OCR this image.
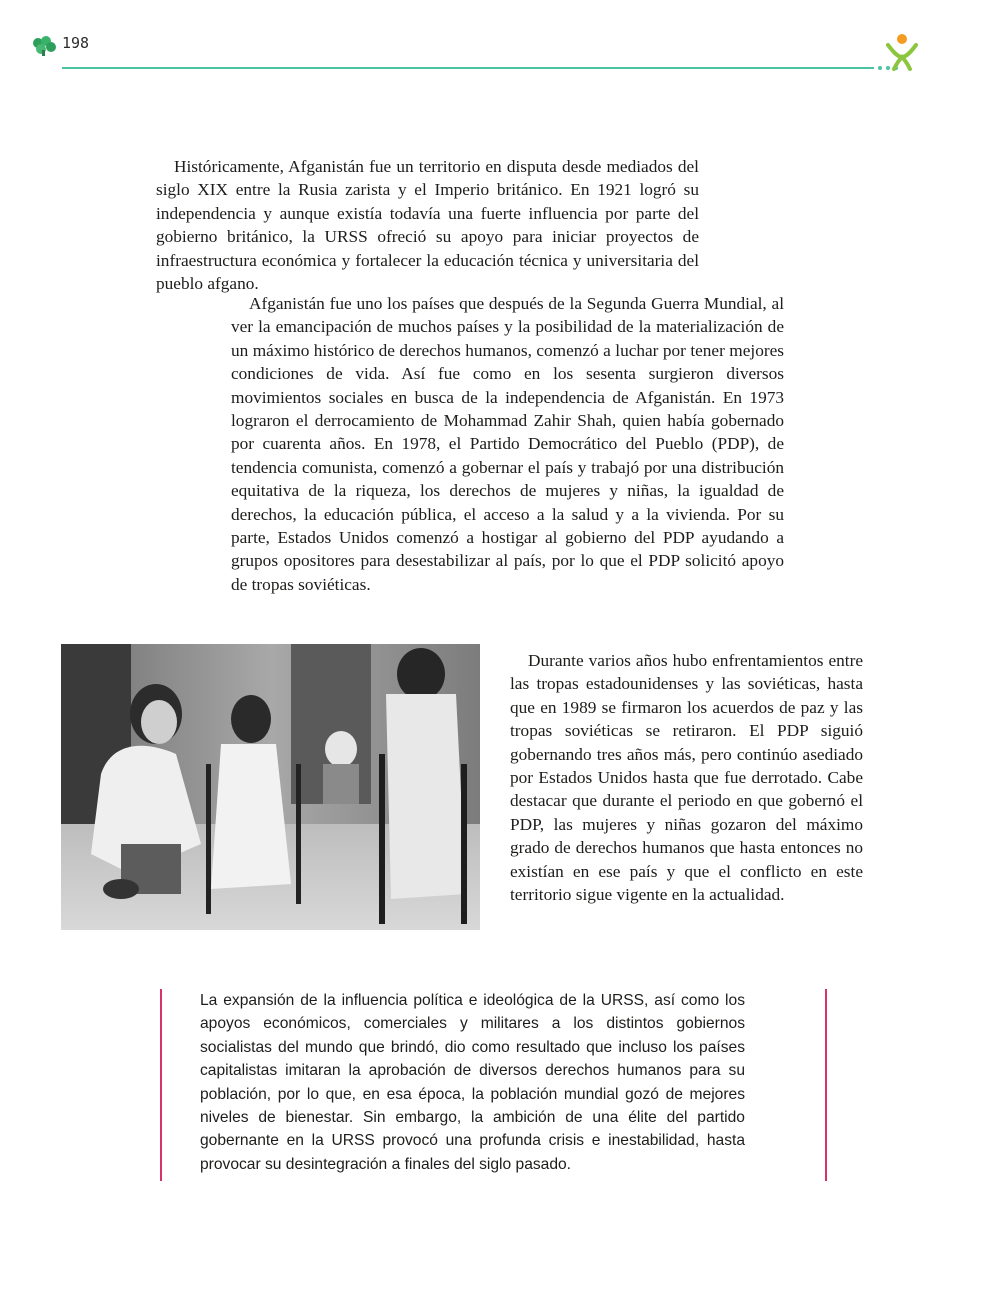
198

Históricamente, Afganistán fue un territorio en disputa desde mediados del siglo XIX entre la Rusia zarista y el Imperio británico. En 1921 logró su independencia y aunque existía todavía una fuerte influencia por parte del gobierno británico, la URSS ofreció su apoyo para iniciar proyectos de infraestructura económica y fortalecer la educación técnica y universitaria del pueblo afgano.

Afganistán fue uno los países que después de la Segunda Guerra Mundial, al ver la emancipación de muchos países y la posibilidad de la materialización de un máximo histórico de derechos humanos, comenzó a luchar por tener mejores condiciones de vida. Así fue como en los sesenta surgieron diversos movimientos sociales en busca de la independencia de Afganistán. En 1973 lograron el derrocamiento de Mohammad Zahir Shah, quien había gobernado por cuarenta años. En 1978, el Partido Democrático del Pueblo (PDP), de tendencia comunista, comenzó a gobernar el país y trabajó por una distribución equitativa de la riqueza, los derechos de mujeres y niñas, la igualdad de derechos, la educación pública, el acceso a la salud y a la vivienda. Por su parte, Estados Unidos comenzó a hostigar al gobierno del PDP ayudando a grupos opositores para desestabilizar al país, por lo que el PDP solicitó apoyo de tropas soviéticas.

Durante varios años hubo enfrentamientos entre las tropas estadounidenses y las soviéticas, hasta que en 1989 se firmaron los acuerdos de paz y las tropas soviéticas se retiraron. El PDP siguió gobernando tres años más, pero continúo asediado por Estados Unidos hasta que fue derrotado. Cabe destacar que durante el periodo en que gobernó el PDP, las mujeres y niñas gozaron del máximo grado de derechos humanos que hasta entonces no existían en ese país y que el conflicto en este territorio sigue vigente en la actualidad.

La expansión de la influencia política e ideológica de la URSS, así como los apoyos económicos, comerciales y militares a los distintos gobiernos socialistas del mundo que brindó, dio como resultado que incluso los países capitalistas imitaran la aprobación de diversos derechos humanos para su población, por lo que, en esa época, la población mundial gozó de mejores niveles de bienestar. Sin embargo, la ambición de una élite del partido gobernante en la URSS provocó una profunda crisis e inestabilidad, hasta provocar su desintegración a finales del siglo pasado.
